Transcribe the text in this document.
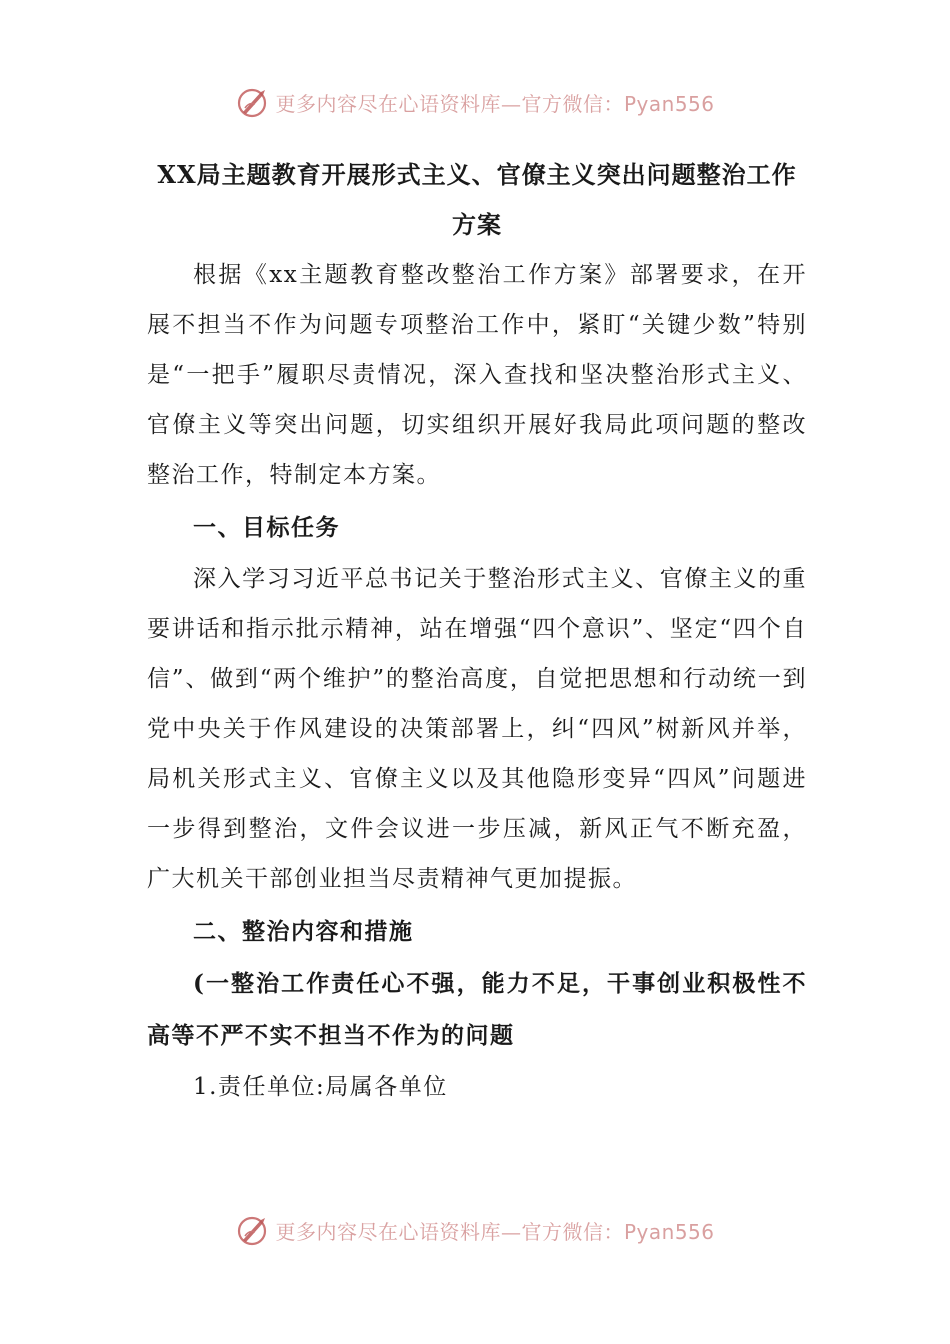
更多内容尽在心语资料库—官方微信：Pyan556
XX局主题教育开展形式主义、官僚主义突出问题整治工作方案

根据《xx主题教育整改整治工作方案》部署要求，在开展不担当不作为问题专项整治工作中，紧盯“关键少数”特别是“一把手”履职尽责情况，深入查找和坚决整治形式主义、官僚主义等突出问题，切实组织开展好我局此项问题的整改整治工作，特制定本方案。

一、目标任务

深入学习习近平总书记关于整治形式主义、官僚主义的重要讲话和指示批示精神，站在增强“四个意识”、坚定“四个自信”、做到“两个维护”的整治高度，自觉把思想和行动统一到党中央关于作风建设的决策部署上，纠“四风”树新风并举，局机关形式主义、官僚主义以及其他隐形变异“四风”问题进一步得到整治，文件会议进一步压减，新风正气不断充盈，广大机关干部创业担当尽责精神气更加提振。

二、整治内容和措施

(一整治工作责任心不强，能力不足，干事创业积极性不高等不严不实不担当不作为的问题

1.责任单位:局属各单位

更多内容尽在心语资料库—官方微信：Pyan556
